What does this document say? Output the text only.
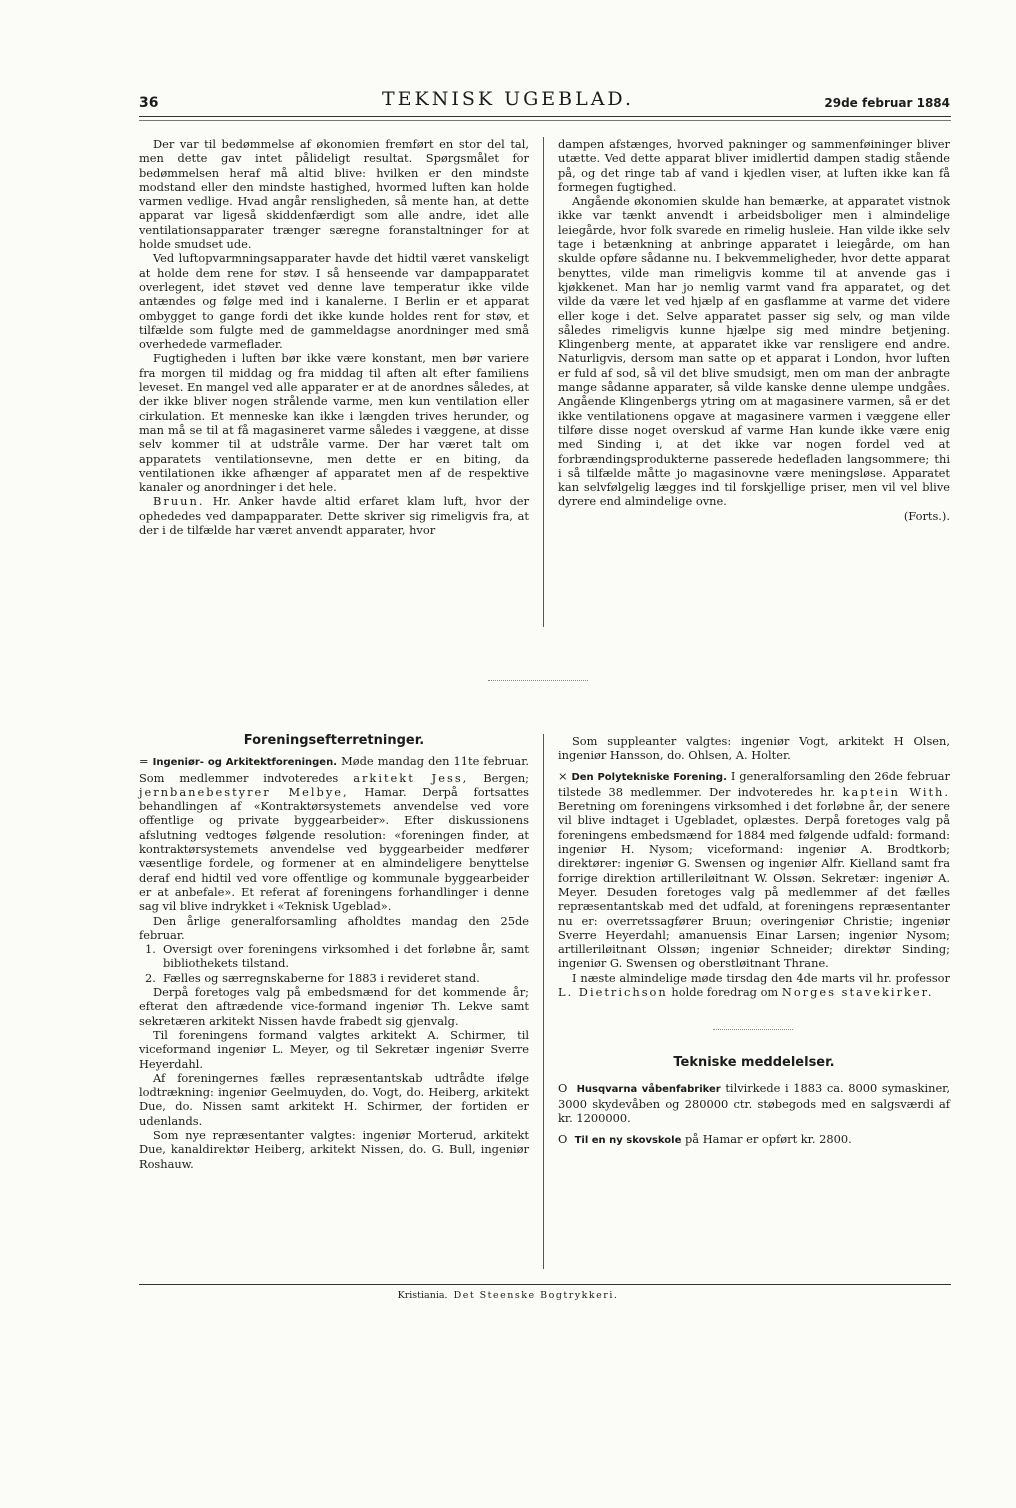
36	TEKNISK UGEBLAD.	29de februar 1884

Der var til bedømmelse af økonomien fremført en stor del tal, men dette gav intet pålideligt resultat. Spørgsmålet for bedømmelsen heraf må altid blive: hvilken er den mindste modstand eller den mindste hastighed, hvormed luften kan holde varmen vedlige. Hvad angår rensligheden, så mente han, at dette apparat var ligeså skiddenfærdigt som alle andre, idet alle ventilationsapparater trænger særegne foranstaltninger for at holde smudset ude.

Ved luftopvarmningsapparater havde det hidtil været vanskeligt at holde dem rene for støv. I så henseende var dampapparatet overlegent, idet støvet ved denne lave temperatur ikke vilde antændes og følge med ind i kanalerne. I Berlin er et apparat ombygget to gange fordi det ikke kunde holdes rent for støv, et tilfælde som fulgte med de gammeldagse anordninger med små overhedede varmeflader.

Fugtigheden i luften bør ikke være konstant, men bør variere fra morgen til middag og fra middag til aften alt efter familiens leveset. En mangel ved alle apparater er at de anordnes således, at der ikke bliver nogen strålende varme, men kun ventilation eller cirkulation. Et menneske kan ikke i længden trives herunder, og man må se til at få magasineret varme således i væggene, at disse selv kommer til at udstråle varme. Der har været talt om apparatets ventilationsevne, men dette er en biting, da ventilationen ikke afhænger af apparatet men af de respektive kanaler og anordninger i det hele.

Bruun. Hr. Anker havde altid erfaret klam luft, hvor der ophededes ved dampapparater. Dette skriver sig rimeligvis fra, at der i de tilfælde har været anvendt apparater, hvor

dampen afstænges, hvorved pakninger og sammenføininger bliver utætte. Ved dette apparat bliver imidlertid dampen stadig stående på, og det ringe tab af vand i kjedlen viser, at luften ikke kan få formegen fugtighed.

Angående økonomien skulde han bemærke, at apparatet vistnok ikke var tænkt anvendt i arbeidsboliger men i almindelige leiegårde, hvor folk svarede en rimelig husleie. Han vilde ikke selv tage i betænkning at anbringe apparatet i leiegårde, om han skulde opføre sådanne nu. I bekvemmeligheder, hvor dette apparat benyttes, vilde man rimeligvis komme til at anvende gas i kjøkkenet. Man har jo nemlig varmt vand fra apparatet, og det vilde da være let ved hjælp af en gasflamme at varme det videre eller koge i det. Selve apparatet passer sig selv, og man vilde således rimeligvis kunne hjælpe sig med mindre betjening. Klingenberg mente, at apparatet ikke var rensligere end andre. Naturligvis, dersom man satte op et apparat i London, hvor luften er fuld af sod, så vil det blive smudsigt, men om man der anbragte mange sådanne apparater, så vilde kanske denne ulempe undgåes. Angående Klingenbergs ytring om at magasinere varmen, så er det ikke ventilationens opgave at magasinere varmen i væggene eller tilføre disse noget overskud af varme Han kunde ikke være enig med Sinding i, at det ikke var nogen fordel ved at forbrændingsprodukterne passerede hedefladen langsommere; thi i så tilfælde måtte jo magasinovne være meningsløse. Apparatet kan selvfølgelig lægges ind til forskjellige priser, men vil vel blive dyrere end almindelige ovne.

(Forts.).
Foreningsefterretninger.

= Ingeniør- og Arkitektforeningen. Møde mandag den 11te februar. Som medlemmer indvoteredes arkitekt Jess, Bergen; jernbanebestyrer Melbye, Hamar. Derpå fortsattes behandlingen af «Kontraktørsystemets anvendelse ved vore offentlige og private byggearbeider». Efter diskussionens afslutning vedtoges følgende resolution: «foreningen finder, at kontraktørsystemets anvendelse ved byggearbeider medfører væsentlige fordele, og formener at en almindeligere benyttelse deraf end hidtil ved vore offentlige og kommunale byggearbeider er at anbefale». Et referat af foreningens forhandlinger i denne sag vil blive indrykket i «Teknisk Ugeblad».

Den årlige generalforsamling afholdtes mandag den 25de februar.

1. Oversigt over foreningens virksomhed i det forløbne år, samt bibliothekets tilstand.
2. Fælles og særregnskaberne for 1883 i revideret stand.

Derpå foretoges valg på embedsmænd for det kommende år; efterat den aftrædende vice-formand ingeniør Th. Lekve samt sekretæren arkitekt Nissen havde frabedt sig gjenvalg.

Til foreningens formand valgtes arkitekt A. Schirmer, til viceformand ingeniør L. Meyer, og til Sekretær ingeniør Sverre Heyerdahl.

Af foreningernes fælles repræsentantskab udtrådte ifølge lodtrækning: ingeniør Geelmuyden, do. Vogt, do. Heiberg, arkitekt Due, do. Nissen samt arkitekt H. Schirmer, der fortiden er udenlands.

Som nye repræsentanter valgtes: ingeniør Morterud, arkitekt Due, kanaldirektør Heiberg, arkitekt Nissen, do. G. Bull, ingeniør Roshauw.

Som suppleanter valgtes: ingeniør Vogt, arkitekt H Olsen, ingeniør Hansson, do. Ohlsen, A. Holter.

× Den Polytekniske Forening. I generalforsamling den 26de februar tilstede 38 medlemmer. Der indvoteredes hr. kaptein With. Beretning om foreningens virksomhed i det forløbne år, der senere vil blive indtaget i Ugebladet, oplæstes. Derpå foretoges valg på foreningens embedsmænd for 1884 med følgende udfald: formand: ingeniør H. Nysom; viceformand: ingeniør A. Brodtkorb; direktører: ingeniør G. Swensen og ingeniør Alfr. Kielland samt fra forrige direktion artilleriløitnant W. Olssøn. Sekretær: ingeniør A. Meyer. Desuden foretoges valg på medlemmer af det fælles repræsentantskab med det udfald, at foreningens repræsentanter nu er: overretssagfører Bruun; overingeniør Christie; ingeniør Sverre Heyerdahl; amanuensis Einar Larsen; ingeniør Nysom; artilleriløitnant Olssøn; ingeniør Schneider; direktør Sinding; ingeniør G. Swensen og oberstløitnant Thrane.

I næste almindelige møde tirsdag den 4de marts vil hr. professor L. Dietrichson holde foredrag om Norges stavekirker.

Tekniske meddelelser.

O Husqvarna våbenfabriker tilvirkede i 1883 ca. 8000 symaskiner, 3000 skydevåben og 280000 ctr. støbegods med en salgsværdi af kr. 1200000.

O Til en ny skovskole på Hamar er opført kr. 2800.

Kristiania. Det Steenske Bogtrykkeri.
